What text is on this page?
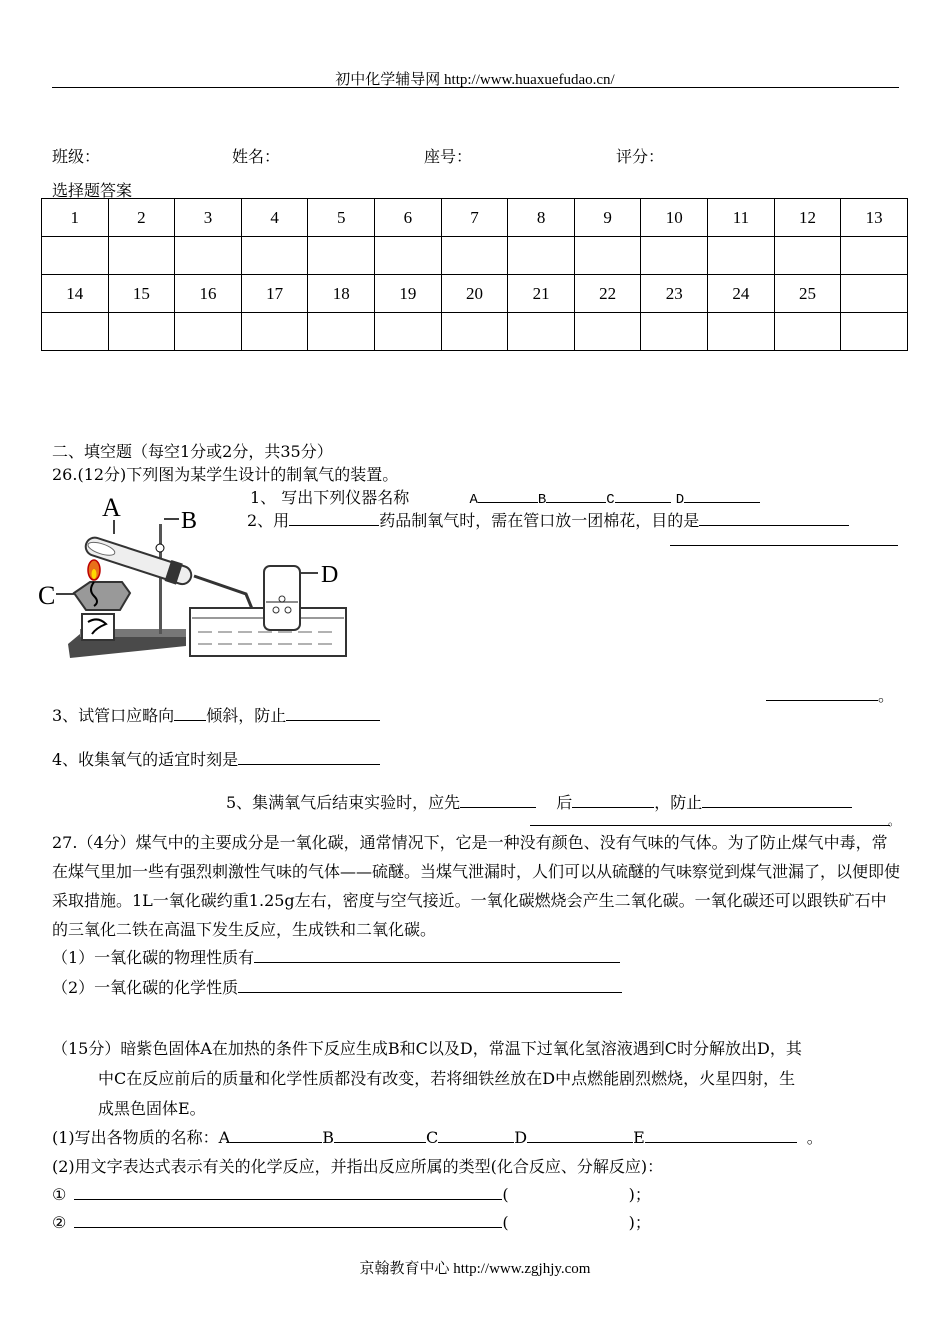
初中化学辅导网 http://www.huaxuefudao.cn/
班级：	姓名：	座号：	评分：
选择题答案
1	2	3	4	5	6	7	8	9	10	11	12	13

14	15	16	17	18	19	20	21	22	23	24	25	

二、填空题（每空1分或2分，共35分）
26.(12分)下列图为某学生设计的制氧气的装置。
1、 写出下列仪器名称	A	B	C	D
2、用	药品制氧气时，需在管口放一团棉花，目的是
A	B
C
D
。
3、试管口应略向 倾斜，防止
4、收集氧气的适宜时刻是
5、集满氧气后结束实验时，应先	后	，防止
。
27.（4分）煤气中的主要成分是一氧化碳，通常情况下，它是一种没有颜色、没有气味的气体。为了防止煤气中毒，常在煤气里加一些有强烈刺激性气味的气体——硫醚。当煤气泄漏时，人们可以从硫醚的气味察觉到煤气泄漏了，以便即使采取措施。1L一氧化碳约重1.25g左右，密度与空气接近。一氧化碳燃烧会产生二氧化碳。一氧化碳还可以跟铁矿石中的三氧化二铁在高温下发生反应，生成铁和二氧化碳。
（1）一氧化碳的物理性质有
（2）一氧化碳的化学性质
（15分）暗紫色固体A在加热的条件下反应生成B和C以及D，常温下过氧化氢溶液遇到C时分解放出D，其
中C在反应前后的质量和化学性质都没有改变，若将细铁丝放在D中点燃能剧烈燃烧，火星四射，生
成黑色固体E。
(1)写出各物质的名称：A	B	C	D	E	。
(2)用文字表达式表示有关的化学反应，并指出反应所属的类型(化合反应、分解反应)：
①	(	)；
②	(	)；
京翰教育中心 http://www.zgjhjy.com
